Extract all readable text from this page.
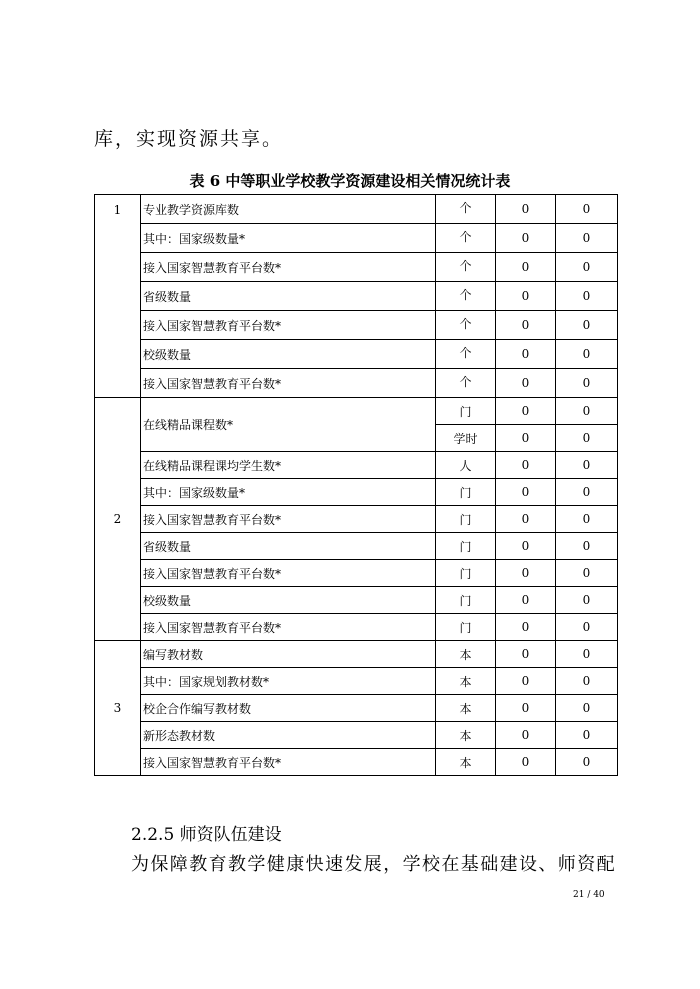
库，实现资源共享。
表 6 中等职业学校教学资源建设相关情况统计表
1	专业教学资源库数	个	0	0
	其中：国家级数量*	个	0	0
	接入国家智慧教育平台数*	个	0	0
	省级数量	个	0	0
	接入国家智慧教育平台数*	个	0	0
	校级数量	个	0	0
	接入国家智慧教育平台数*	个	0	0
2	在线精品课程数*	门	0	0
		学时	0	0
	在线精品课程课均学生数*	人	0	0
	其中：国家级数量*	门	0	0
	接入国家智慧教育平台数*	门	0	0
	省级数量	门	0	0
	接入国家智慧教育平台数*	门	0	0
	校级数量	门	0	0
	接入国家智慧教育平台数*	门	0	0
3	编写教材数	本	0	0
	其中：国家规划教材数*	本	0	0
	校企合作编写教材数	本	0	0
	新形态教材数	本	0	0
	接入国家智慧教育平台数*	本	0	0
2.2.5 师资队伍建设
为保障教育教学健康快速发展，学校在基础建设、师资配
21 / 40
